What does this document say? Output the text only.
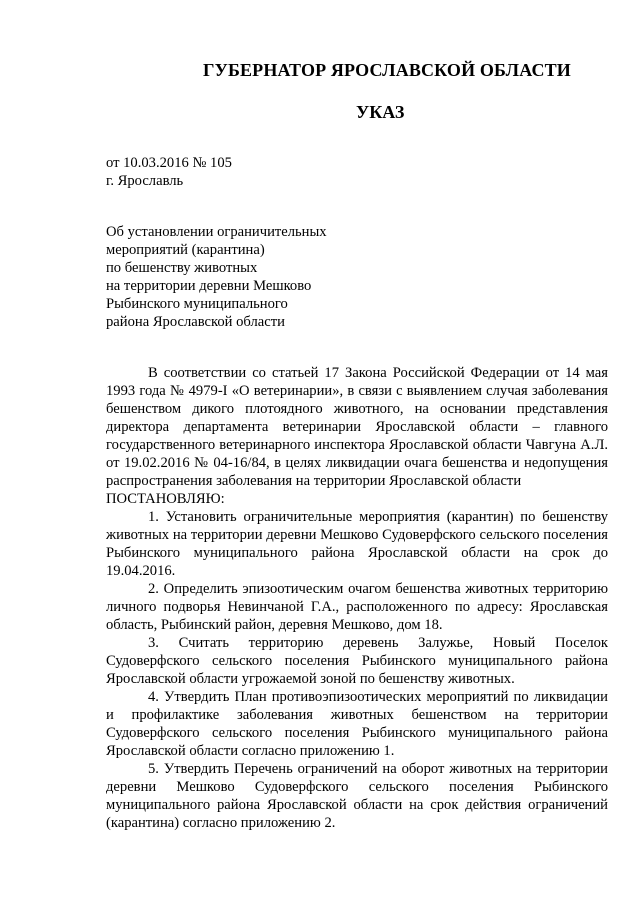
ГУБЕРНАТОР ЯРОСЛАВСКОЙ ОБЛАСТИ
УКАЗ
от 10.03.2016 № 105
г. Ярославль
Об установлении ограничительных
мероприятий (карантина)
по бешенству животных
на территории деревни Мешково
Рыбинского муниципального
района Ярославской области

В соответствии со статьей 17 Закона Российской Федерации от 14 мая 1993 года № 4979-I «О ветеринарии», в связи с выявлением случая заболевания бешенством дикого плотоядного животного, на основании представления директора департамента ветеринарии Ярославской области – главного государственного ветеринарного инспектора Ярославской области Чавгуна А.Л. от 19.02.2016 № 04-16/84, в целях ликвидации очага бешенства и недопущения распространения заболевания на территории Ярославской области

ПОСТАНОВЛЯЮ:

1. Установить ограничительные мероприятия (карантин) по бешенству животных на территории деревни Мешково Судоверфского сельского поселения Рыбинского муниципального района Ярославской области на срок до 19.04.2016.

2. Определить эпизоотическим очагом бешенства животных территорию личного подворья Невинчаной Г.А., расположенного по адресу: Ярославская область, Рыбинский район, деревня Мешково, дом 18.

3. Считать территорию деревень Залужье, Новый Поселок Судоверфского сельского поселения Рыбинского муниципального района Ярославской области угрожаемой зоной по бешенству животных.

4. Утвердить План противоэпизоотических мероприятий по ликвидации и профилактике заболевания животных бешенством на территории Судоверфского сельского поселения Рыбинского муниципального района Ярославской области согласно приложению 1.

5. Утвердить Перечень ограничений на оборот животных на территории деревни Мешково Судоверфского сельского поселения Рыбинского муниципального района Ярославской области на срок действия ограничений (карантина) согласно приложению 2.
